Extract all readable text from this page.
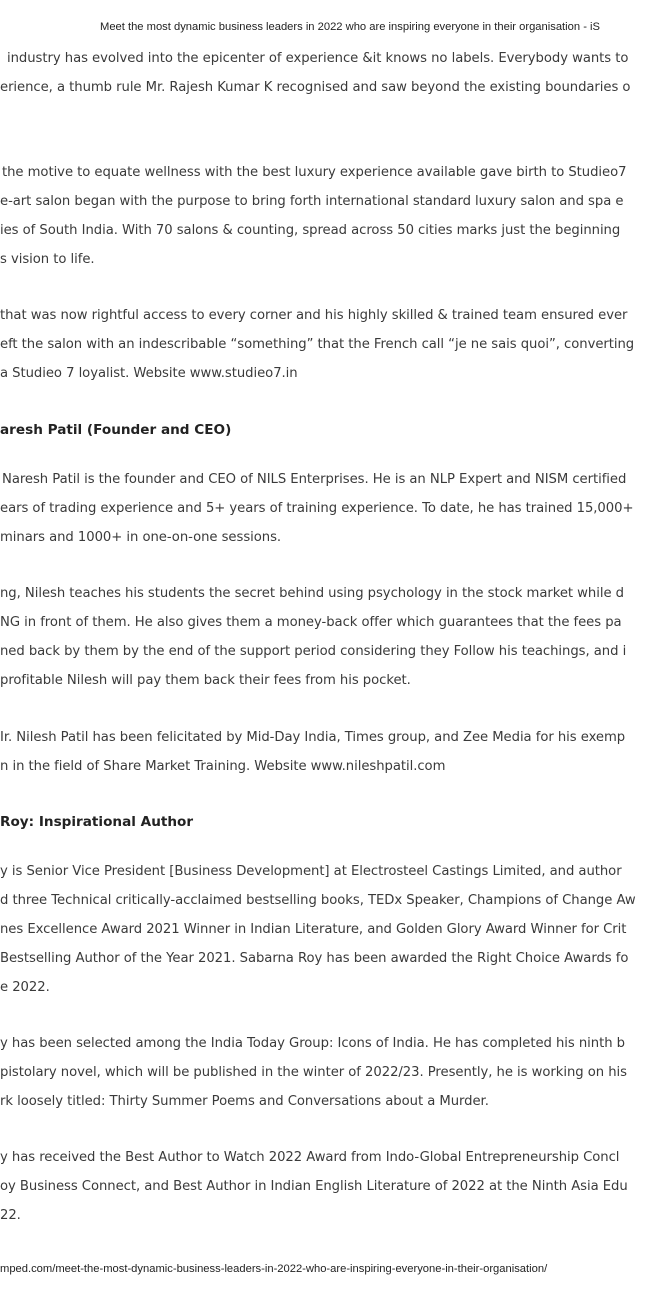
Meet the most dynamic business leaders in 2022 who are inspiring everyone in their organisation - iS
industry has evolved into the epicenter of experience &it knows no labels. Everybody wants to
erience, a thumb rule Mr. Rajesh Kumar K recognised and saw beyond the existing boundaries o
the motive to equate wellness with the best luxury experience available gave birth to Studieo7
e-art salon began with the purpose to bring forth international standard luxury salon and spa e
ies of South India. With 70 salons & counting, spread across 50 cities marks just the beginning
s vision to life.
that was now rightful access to every corner and his highly skilled & trained team ensured ever
eft the salon with an indescribable “something” that the French call “je ne sais quoi”, converting
a Studieo 7 loyalist. Website www.studieo7.in
aresh Patil (Founder and CEO)
Naresh Patil is the founder and CEO of NILS Enterprises. He is an NLP Expert and NISM certified
ears of trading experience and 5+ years of training experience. To date, he has trained 15,000+
minars and 1000+ in one-on-one sessions.
ng, Nilesh teaches his students the secret behind using psychology in the stock market while d
NG in front of them. He also gives them a money-back offer which guarantees that the fees pa
ned back by them by the end of the support period considering they Follow his teachings, and i
profitable Nilesh will pay them back their fees from his pocket.
Ir. Nilesh Patil has been felicitated by Mid-Day India, Times group, and Zee Media for his exemp
n in the field of Share Market Training. Website www.nileshpatil.com
Roy: Inspirational Author
y is Senior Vice President [Business Development] at Electrosteel Castings Limited, and author
d three Technical critically-acclaimed bestselling books, TEDx Speaker, Champions of Change Aw
nes Excellence Award 2021 Winner in Indian Literature, and Golden Glory Award Winner for Crit
Bestselling Author of the Year 2021. Sabarna Roy has been awarded the Right Choice Awards fo
e 2022.
y has been selected among the India Today Group: Icons of India. He has completed his ninth b
pistolary novel, which will be published in the winter of 2022/23. Presently, he is working on his
rk loosely titled: Thirty Summer Poems and Conversations about a Murder.
y has received the Best Author to Watch 2022 Award from Indo-Global Entrepreneurship Concl
oy Business Connect, and Best Author in Indian English Literature of 2022 at the Ninth Asia Edu
22.
mped.com/meet-the-most-dynamic-business-leaders-in-2022-who-are-inspiring-everyone-in-their-organisation/
